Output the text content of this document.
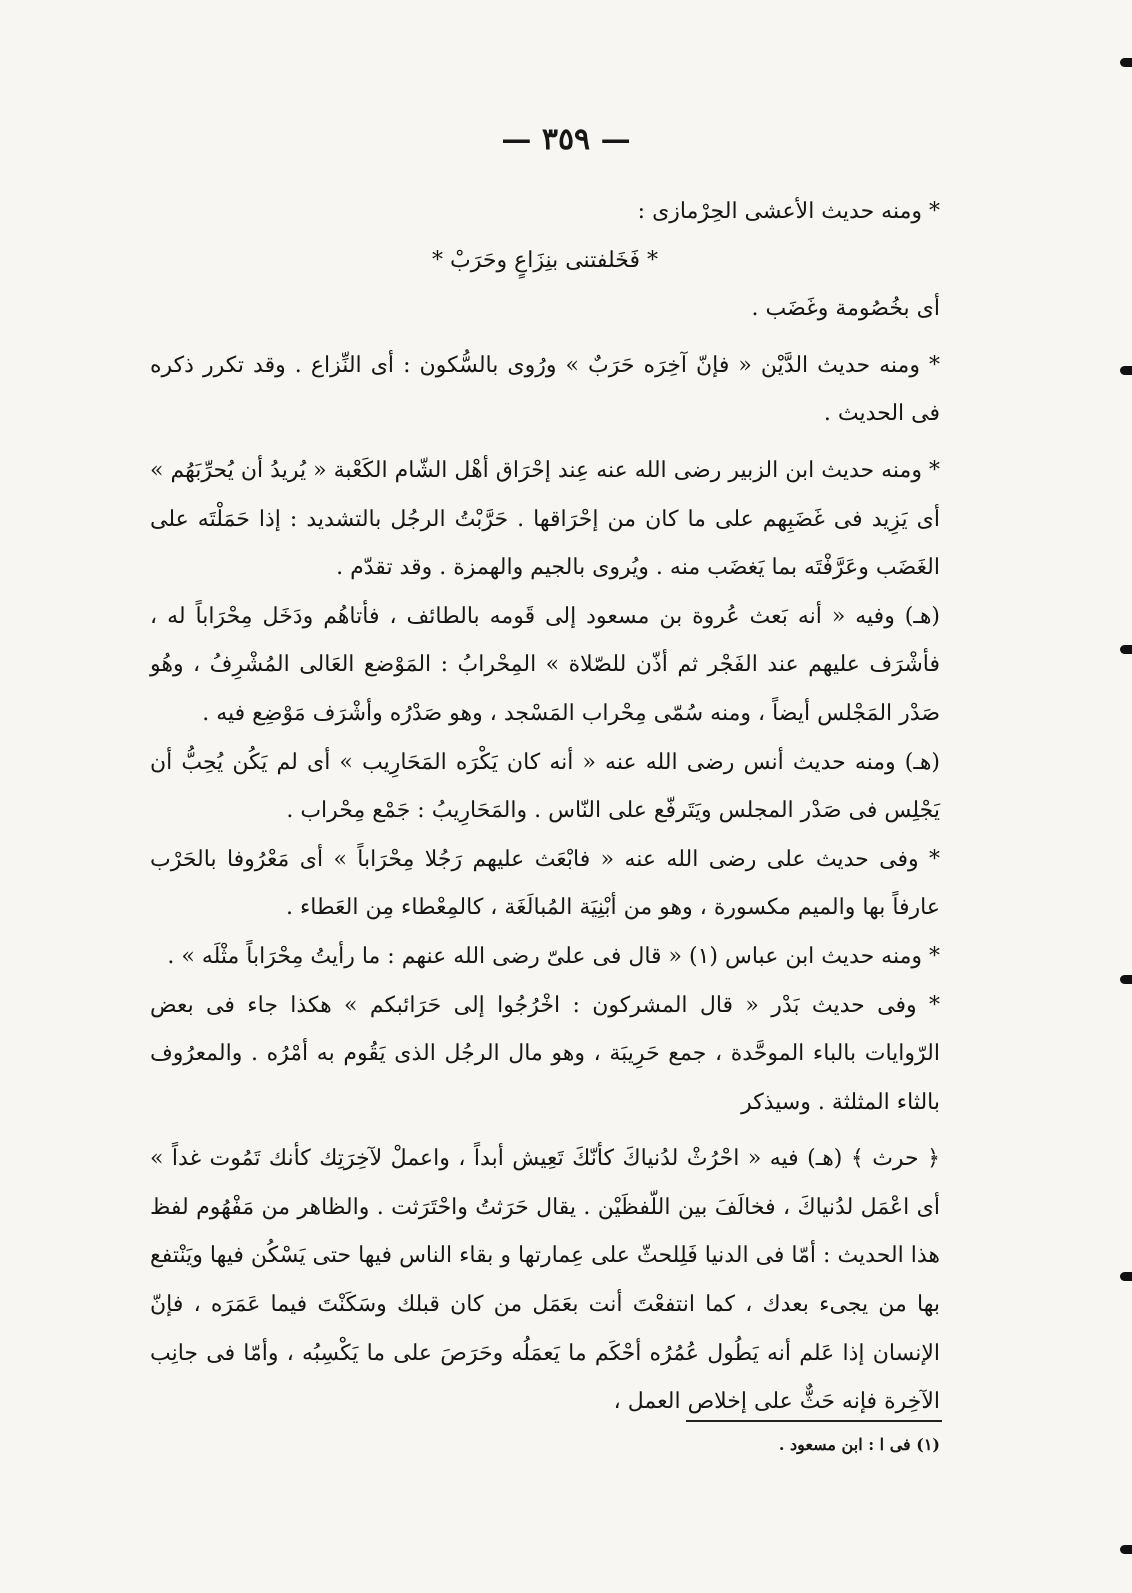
— ٣٥٩ —

* ومنه حديث الأعشى الحِرْمازى :

* فَخَلفتنى بنِزَاعٍ وحَرَبْ *

أى بخُصُومة وغَضَب .

* ومنه حديث الدَّيْن « فإنّ آخِرَه حَرَبٌ » ورُوى بالسُّكون : أى النِّزاع . وقد تكرر ذكره فى الحديث .

* ومنه حديث ابن الزبير رضى الله عنه عِند إحْرَاق أهْل الشّام الكَعْبة « يُريدُ أن يُحرِّبَهُم » أى يَزِيد فى غَضَبِهم على ما كان من إحْرَاقها . حَرَّبْتُ الرجُل بالتشديد : إذا حَمَلْتَه على الغَضَب وعَرَّفْتَه بما يَغضَب منه . ويُروى بالجيم والهمزة . وقد تقدّم .

(هـ) وفيه « أنه بَعث عُروة بن مسعود إلى قَومه بالطائف ، فأتاهُم ودَخَل مِحْرَاباً له ، فأشْرَف عليهم عند الفَجْر ثم أذّن للصّلاة » المِحْرابُ : المَوْضع العَالى المُشْرِفُ ، وهُو صَدْر المَجْلس أيضاً ، ومنه سُمّى مِحْراب المَسْجد ، وهو صَدْرُه وأشْرَف مَوْضِع فيه .

(هـ) ومنه حديث أنس رضى الله عنه « أنه كان يَكْرَه المَحَارِيب » أى لم يَكُن يُحِبُّ أن يَجْلِس فى صَدْر المجلس ويَتَرفّع على النّاس . والمَحَارِيبُ : جَمْع مِحْراب .

* وفى حديث على رضى الله عنه « فابْعَث عليهم رَجُلا مِحْرَاباً » أى مَعْرُوفا بالحَرْب عارفاً بها والميم مكسورة ، وهو من أبْنِيَة المُبالَغَة ، كالمِعْطاء مِن العَطاء .

* ومنه حديث ابن عباس (١) « قال فى علىّ رضى الله عنهم : ما رأيتُ مِحْرَاباً مثْلَه » .

* وفى حديث بَدْر « قال المشركون : اخْرُجُوا إلى حَرَائبكم » هكذا جاء فى بعض الرّوايات بالباء الموحَّدة ، جمع حَرِيبَة ، وهو مال الرجُل الذى يَقُوم به أمْرُه . والمعرُوف بالثاء المثلثة . وسيذكر

﴿ حرث ﴾ (هـ) فيه « احْرُثْ لدُنياكَ كأنّكَ تَعِيش أبداً ، واعملْ لآخِرَتِك كأنك تَمُوت غداً » أى اعْمَل لدُنياكَ ، فخالَفَ بين اللّفظَيْن . يقال حَرَثتُ واحْتَرَثت . والظاهر من مَفْهُوم لفظ هذا الحديث : أمّا فى الدنيا فَلِلحثّ على عِمارتها و بقاء الناس فيها حتى يَسْكُن فيها ويَنْتفع بها من يجىء بعدك ، كما انتفعْتَ أنت بعَمَل من كان قبلك وسَكَنْتَ فيما عَمَرَه ، فإنّ الإنسان إذا عَلم أنه يَطُول عُمُرُه أحْكَم ما يَعمَلُه وحَرَصَ على ما يَكْسِبُه ، وأمّا فى جانِب الآخِرة فإنه حَثٌّ على إخلاص العمل ،

(١) فى ا : ابن مسعود .
